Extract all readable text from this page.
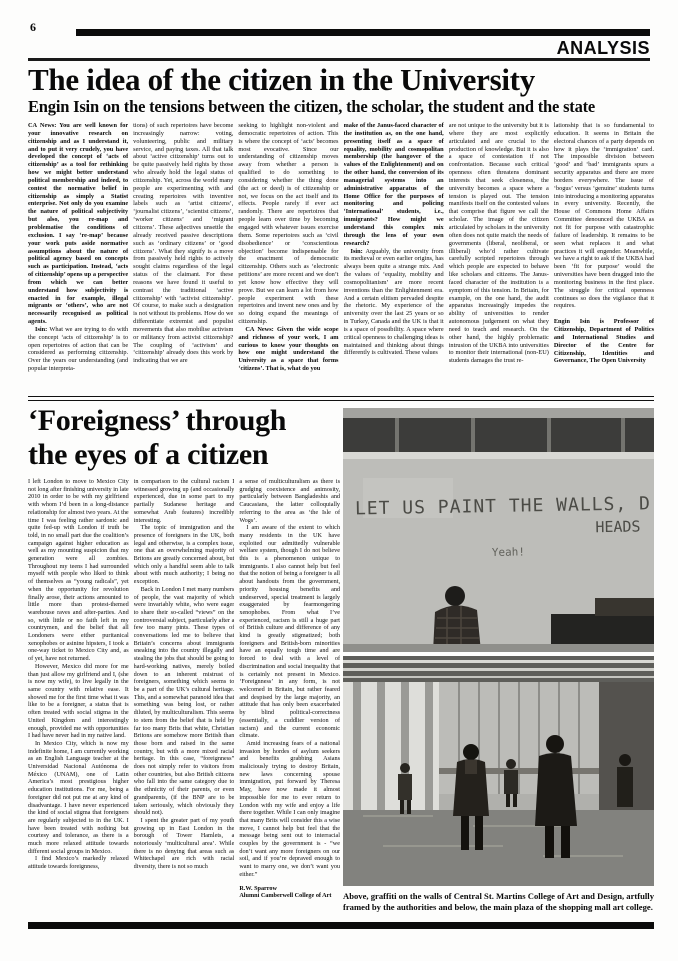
6
ANALYSIS
The idea of the citizen in the University
Engin Isin on the tensions between the citizen, the scholar, the student and the state

CA News: You are well known for your innovative research on citizenship and as I understand it, and to put it very crudely, you have developed the concept of ‘acts of citizenship’ as a tool for rethinking how we might better understand political membership and indeed, to contest the normative belief in citizenship as simply a Statist enterprise. Not only do you examine the nature of political subjectivity but also, you re-map and problematise the conditions of exclusion. I say ‘re-map’ because your work puts aside normative assumptions about the nature of political agency based on concepts such as participation. Instead, ‘acts of citizenship’ opens up a perspective from which we can better understand how subjectivity is enacted in for example, illegal migrants or ‘others’, who are not necessarily recognised as political agents.

Isin: What we are trying to do with the concept ‘acts of citizenship’ is to open repertoires of action that can be considered as performing citizenship. Over the years our understanding (and popular interpreta-

tions) of such repertoires have become increasingly narrow: voting, volunteering, public and military service, and paying taxes. All that talk about ‘active citizenship’ turns out to be quite passively held rights by those who already hold the legal status of citizenship. Yet, across the world many people are experimenting with and creating repertoires with inventive labels such as ‘artist citizens’, ‘journalist citizens’, ‘scientist citizens’, ‘worker citizens’ and ‘migrant citizens’. These adjectives unsettle the already received passive descriptions such as ‘ordinary citizens’ or ‘good citizens’. What they signify is a move from passively held rights to actively sought claims regardless of the legal status of the claimant. For these reasons we have found it useful to contrast the traditional ‘active citizenship’ with ‘activist citizenship’. Of course, to make such a designation is not without its problems. How do we differentiate extremist and populist movements that also mobilise activism or militancy from activist citizenship? The coupling of ‘activism’ and ‘citizenship’ already does this work by indicating that we are

seeking to highlight non-violent and democratic repertoires of action. This is where the concept of ‘acts’ becomes most evocative. Since our understanding of citizenship moves away from whether a person is qualified to do something to considering whether the thing done (the act or deed) is of citizenship or not, we focus on the act itself and its effects. People rarely if ever act randomly. There are repertoires that people learn over time by becoming engaged with whatever issues exercise them. Some repertoires such as ‘civil disobedience’ or ‘conscientious objection’ become indispensable for the enactment of democratic citizenship. Others such as ‘electronic petitions’ are more recent and we don’t yet know how effective they will prove. But we can learn a lot from how people experiment with these repertoires and invent new ones and by so doing expand the meanings of citizenship.

CA News: Given the wide scope and richness of your work, I am curious to know your thoughts on how one might understand the University as a space that forms ‘citizens’. That is, what do you

make of the Janus-faced character of the institution as, on the one hand, presenting itself as a space of equality, mobility and cosmopolitan membership (the hangover of the values of the Enlightenment) and on the other hand, the conversion of its managerial systems into an administrative apparatus of the Home Office for the purposes of monitoring and policing ‘International’ students, i.e., immigrants? How might we understand this complex mix through the lens of your own research?

Isin: Arguably, the university from its medieval or even earlier origins, has always been quite a strange mix. And the values of ‘equality, mobility and cosmopolitanism’ are more recent inventions than the Enlightenment era. And a certain elitism pervaded despite the rhetoric. My experience of the university over the last 25 years or so in Turkey, Canada and the UK is that it is a space of possibility. A space where critical openness to challenging ideas is maintained and thinking about things differently is cultivated. These values

are not unique to the university but it is where they are most explicitly articulated and are crucial to the production of knowledge. But it is also a space of contestation if not confrontation. Because such critical openness often threatens dominant interests that seek closeness, the university becomes a space where a tension is played out. The tension manifests itself on the contested values that comprise that figure we call the scholar. The image of the citizen articulated by scholars in the university often does not quite match the needs of governments (liberal, neoliberal, or illiberal) who’d rather cultivate carefully scripted repertoires through which people are expected to behave like scholars and citizens. The Janus-faced character of the institution is a symptom of this tension. In Britain, for example, on the one hand, the audit apparatus increasingly impedes the ability of universities to render autonomous judgement on what they need to teach and research. On the other hand, the highly problematic intrusion of the UKBA into universities to monitor their international (non-EU) students damages the trust re-

lationship that is so fundamental to education. It seems in Britain the electoral chances of a party depends on how it plays the ‘immigration’ card. The impossible division between ‘good’ and ‘bad’ immigrants spurs a security apparatus and there are more borders everywhere. The issue of ‘bogus’ versus ‘genuine’ students turns into introducing a monitoring apparatus in every university. Recently, the House of Commons Home Affairs Committee denounced the UKBA as not fit for purpose with catastrophic failure of leadership. It remains to be seen what replaces it and what practices it will engender. Meanwhile, we have a right to ask if the UKBA had been ‘fit for purpose’ would the universities have been dragged into the monitoring business in the first place. The struggle for critical openness continues so does the vigilance that it requires.

Engin Isin is Professor of Citizenship, Department of Politics and International Studies and Director of the Centre for Citizenship, Identities and Governance, The Open University

‘Foreigness’ through
the eyes of a citizen

I left London to move to Mexico City not long after finishing university in late 2010 in order to be with my girlfriend with whom I’d been in a long-distance relationship for almost two years. At the time I was feeling rather sardonic and quite fed-up with London if truth be told, in no small part due the coalition’s campaign against higher education as well as my mounting suspicion that my generation were all zombies. Throughout my teens I had surrounded myself with people who liked to think of themselves as “young radicals”, yet when the opportunity for revolution finally arose, their actions amounted to little more than protest-themed warehouse raves and after-parties. And so, with little or no faith left in my countrymen, and the belief that all Londoners were either puritanical xenophobes or asinine hipsters, I took a one-way ticket to Mexico City and, as of yet, have not returned.

However, Mexico did more for me than just allow my girlfriend and I, (she is now my wife), to live legally in the same country with relative ease. It showed me for the first time what it was like to be a foreigner, a status that is often treated with social stigma in the United Kingdom and interestingly enough, provided me with opportunities I had have never had in my native land.

In Mexico City, which is now my indefinite home, I am currently working as an English Language teacher at the Universidad Nacional Autónoma de México (UNAM), one of Latin America’s most prestigious higher education institutions. For me, being a foreigner did not put me at any kind of disadvantage. I have never experienced the kind of social stigma that foreigners are regularly subjected to in the UK. I have been treated with nothing but courtesy and tolerance, as there is a much more relaxed attitude towards different social groups in Mexico.

I find Mexico’s markedly relaxed attitude towards foreignness,

in comparison to the cultural racism I witnessed growing up (and occasionally experienced, due in some part to my partially Sudanese heritage and somewhat Arab features) incredibly interesting.

The topic of immigration and the presence of foreigners in the UK, both legal and otherwise, is a complex issue, one that an overwhelming majority of Britons are greatly concerned about, but which only a handful seem able to talk about with much authority; I being no exception.

Back in London I met many numbers of people, the vast majority of which were invariably white, who were eager to share their so-called “views” on the controversial subject, particularly after a few too many pints. These types of conversations led me to believe that Britain’s concerns about immigrants sneaking into the country illegally and stealing the jobs that should be going to hard-working natives, merely boiled down to an inherent mistrust of foreigners, something which seems to be a part of the UK’s cultural heritage. This, and a somewhat paranoid idea that something was being lost, or rather diluted, by multiculturalism. This seems to stem from the belief that is held by far too many Brits that white, Christian Britons are somehow more British than those born and raised in the same country, but with a more mixed racial heritage. In this case, “foreignness” does not simply refer to visitors from other countries, but also British citizens who fall into the same category due to the ethnicity of their parents, or even grandparents, (if the BNP are to be taken seriously, which obviously they should not).

I spent the greater part of my youth growing up in East London in the borough of Tower Hamlets, a notoriously ‘multicultural area’. While there is no denying that areas such as Whitechapel are rich with racial diversity, there is not so much

a sense of multiculturalism as there is grudging coexistence and animosity, particularly between Bangladeshis and Caucasians, the latter colloquially referring to the area as ‘the Isle of Wogs’.

I am aware of the extent to which many residents in the UK have exploited our admittedly vulnerable welfare system, though I do not believe this is a phenomenon unique to immigrants. I also cannot help but feel that the notion of being a foreigner is all about handouts from the government, priority housing benefits and undeserved, special treatment is largely exaggerated by fearmongering xenophobes. From what I’ve experienced, racism is still a huge part of British culture and difference of any kind is greatly stigmatized; both foreigners and British-born minorities have an equally tough time and are forced to deal with a level of discrimination and social inequality that is certainly not present in Mexico. ‘Foreignness’ in any form, is not welcomed in Britain, but rather feared and despised by the large majority, an attitude that has only been exacerbated by blind political-correctness (essentially, a cuddlier version of racism) and the current economic climate.

Amid increasing fears of a national invasion by hordes of asylum seekers and benefits grabbing Asians maliciously trying to destroy Britain, new laws concerning spouse immigration, put forward by Theresa May, have now made it almost impossible for me to ever return to London with my wife and enjoy a life there together. While I can only imagine that many Brits will consider this a wise move, I cannot help but feel that the message being sent out to interracial couples by the government is - “we don’t want any more foreigners on our soil, and if you’re depraved enough to want to marry one, we don’t want you either.”

R.W. Sparrow

Alumni Camberwell College of Art

LET US PAINT THE WALLS, D
HEADS
Yeah!
Above, graffiti on the walls of Central St. Martins College of Art and Design, artfully framed by the authorities and below, the main plaza of the shopping mall art college.
